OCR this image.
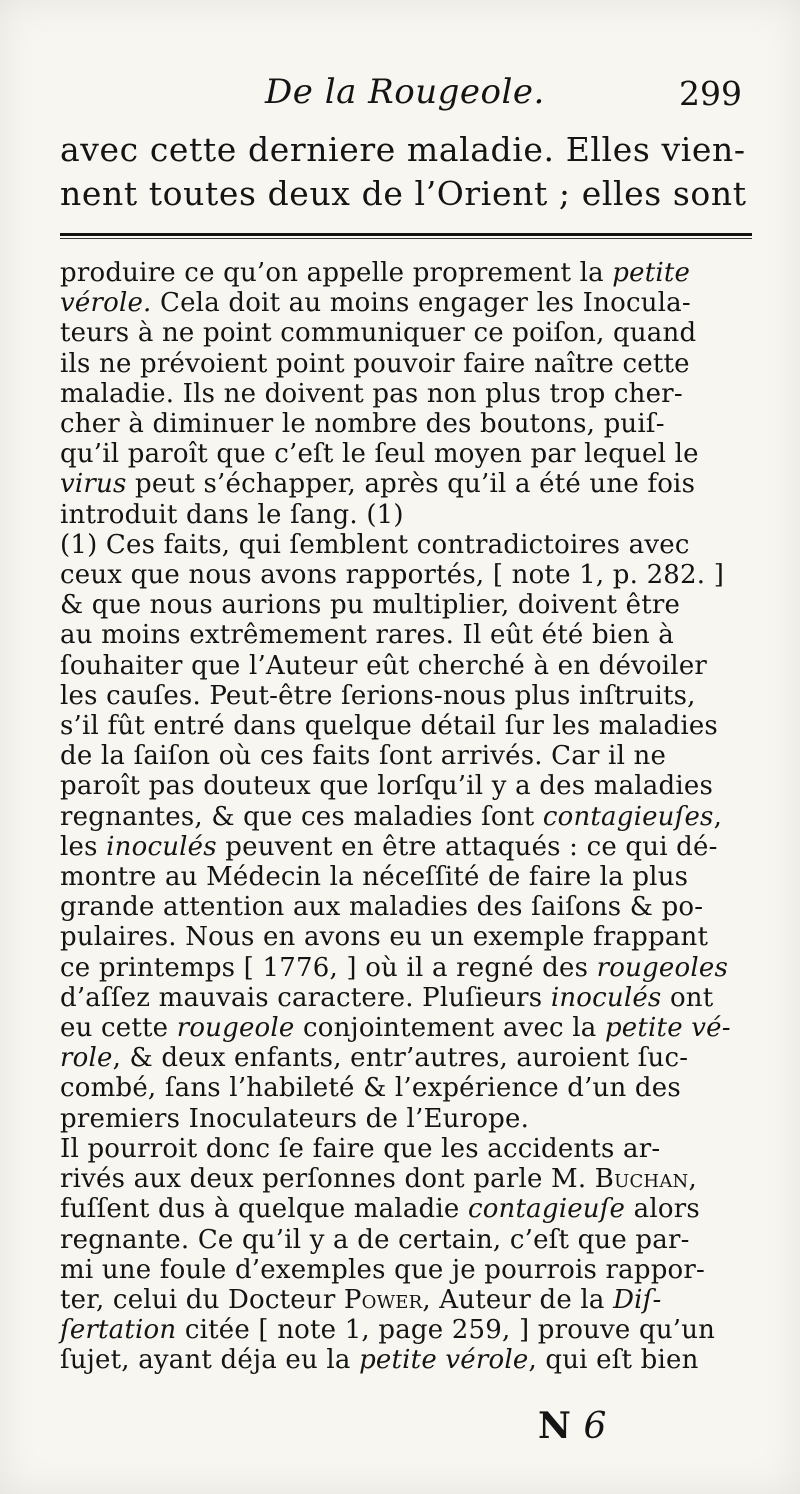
De la Rougeole.	299
avec cette derniere maladie. Elles vien-
nent toutes deux de l’Orient ; elles sont
produire ce qu’on appelle proprement la petite
vérole. Cela doit au moins engager les Inocula-
teurs à ne point communiquer ce poiſon, quand
ils ne prévoient point pouvoir faire naître cette
maladie. Ils ne doivent pas non plus trop cher-
cher à diminuer le nombre des boutons, puiſ-
qu’il paroît que c’eſt le ſeul moyen par lequel le
virus peut s’échapper, après qu’il a été une fois
introduit dans le ſang. (1)
(1) Ces faits, qui ſemblent contradictoires avec
ceux que nous avons rapportés, [ note 1, p. 282. ]
& que nous aurions pu multiplier, doivent être
au moins extrêmement rares. Il eût été bien à
ſouhaiter que l’Auteur eût cherché à en dévoiler
les cauſes. Peut-être ſerions-nous plus inſtruits,
s’il fût entré dans quelque détail ſur les maladies
de la ſaiſon où ces faits ſont arrivés. Car il ne
paroît pas douteux que lorſqu’il y a des maladies
regnantes, & que ces maladies ſont contagieuſes,
les inoculés peuvent en être attaqués : ce qui dé-
montre au Médecin la néceſſité de faire la plus
grande attention aux maladies des ſaiſons & po-
pulaires. Nous en avons eu un exemple frappant
ce printemps [ 1776, ] où il a regné des rougeoles
d’aſſez mauvais caractere. Pluſieurs inoculés ont
eu cette rougeole conjointement avec la petite vé-
role, & deux enfants, entr’autres, auroient ſuc-
combé, ſans l’habileté & l’expérience d’un des
premiers Inoculateurs de l’Europe.
Il pourroit donc ſe faire que les accidents ar-
rivés aux deux perſonnes dont parle M. Buchan,
fuſſent dus à quelque maladie contagieuſe alors
regnante. Ce qu’il y a de certain, c’eſt que par-
mi une foule d’exemples que je pourrois rappor-
ter, celui du Docteur Power, Auteur de la Diſ-
ſertation citée [ note 1, page 259, ] prouve qu’un
ſujet, ayant déja eu la petite vérole, qui eſt bien
N 6
